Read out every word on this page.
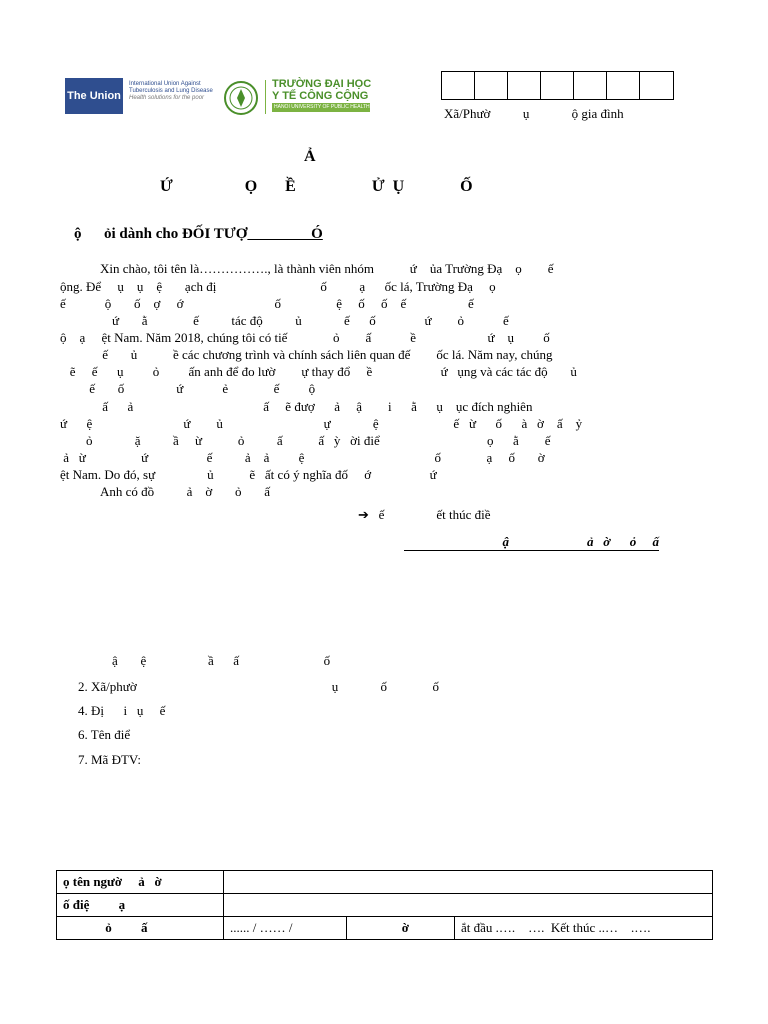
The Union
International Union Against
Tuberculosis and Lung Disease
Health solutions for the poor
TRƯỜNG ĐẠI HỌC
Y TẾ CÔNG CỘNG
HANOI UNIVERSITY OF PUBLIC HEALTH	Xã/Phườ          ụ             ộ gia đình
Ả
Ứ                  Ọ       Ề                   Ử  Ụ              Ố
ộ      ỏi dành cho ĐỐI TƯỢ                 Ó
Xin chào, tôi tên là……………., là thành viên nhóm           ứ    ủa Trường Đạ    ọ        ế
ộng. Để     ụ    ụ    ệ       ạch đị                                ố          ạ      ốc lá, Trường Đạ     ọ
ế            ộ       ố    ợ     ớ                            ố                 ệ     ố     ố    ế                   ế
ứ       ằ              ế          tác độ          ủ             ế      ố               ứ        ỏ            ế
ộ    ạ     ệt Nam. Năm 2018, chúng tôi có tiế              ỏ        ấ            ề                      ứ    ụ         ố
ế       ủ           ề các chương trình và chính sách liên quan đế        ốc lá. Năm nay, chúng
ẽ     ế      ụ         ỏ         ấn anh để đo lườ        ự thay đổ     ề                     ứ   ụng và các tác độ       ủ
ế       ố                ứ            ẻ              ế         ộ
ấ      ả                                        ấ     ẽ đượ      ả     ậ        i      ằ      ụ    ục đích nghiên
ứ      ệ                            ứ        ủ                               ự             ệ                       ế   ừ      ố      à   ờ    ấ    ỷ
ỏ             ặ          ầ     ừ           ỏ          ấ           ấ   ỳ   ời điể                                 ọ      ằ        ế
ả   ừ                 ứ                  ế          ả    ả         ệ                                        ố              ạ     ố       ờ
ệt Nam. Do đó, sự                ủ           ẽ   ất có ý nghĩa đố     ớ                  ứ
Anh có đồ          ả    ờ       ỏ       ấ
➔   ế                ết thúc điề
ậ                        ả   ờ      ỏ     ấ
ậ       ệ                   ầ      ấ                          ố
2. Xã/phườ                                                            ụ             ố              ố
4. Đị      i   ụ     ế
6. Tên điể
7. Mã ĐTV:
ọ tên ngườ     ả   ờ			
ố điệ         ạ			
ỏ         ấ	...... / …… /	ờ	ắt đầu .….    ….  Kết thúc ..…    .….
